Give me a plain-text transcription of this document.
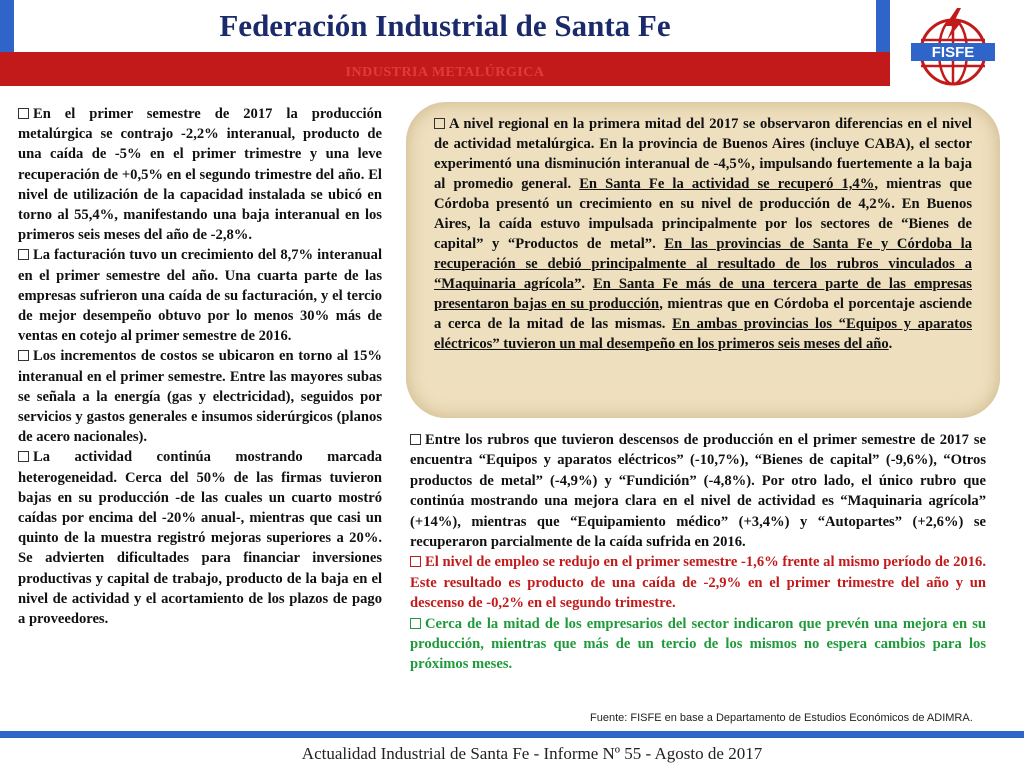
Federación Industrial de Santa Fe
INDUSTRIA METALÚRGICA
FISFE

En el primer semestre de 2017 la producción metalúrgica se contrajo -2,2% interanual, producto de una caída de -5% en el primer trimestre y una leve recuperación de +0,5% en el segundo trimestre del año. El nivel de utilización de la capacidad instalada se ubicó en torno al 55,4%, manifestando una baja interanual en los primeros seis meses del año de -2,8%.

La facturación tuvo un crecimiento del 8,7% interanual en el primer semestre del año. Una cuarta parte de las empresas sufrieron una caída de su facturación, y el tercio de mejor desempeño obtuvo por lo menos 30% más de ventas en cotejo al primer semestre de 2016.

Los incrementos de costos se ubicaron en torno al 15% interanual en el primer semestre. Entre las mayores subas se señala a la energía (gas y electricidad), seguidos por servicios y gastos generales e insumos siderúrgicos (planos de acero nacionales).

La actividad continúa mostrando marcada heterogeneidad. Cerca del 50% de las firmas tuvieron bajas en su producción -de las cuales un cuarto mostró caídas por encima del -20% anual-, mientras que casi un quinto de la muestra registró mejoras superiores a 20%. Se advierten dificultades para financiar inversiones productivas y capital de trabajo, producto de la baja en el nivel de actividad y el acortamiento de los plazos de pago a proveedores.

A nivel regional en la primera mitad del 2017 se observaron diferencias en el nivel de actividad metalúrgica. En la provincia de Buenos Aires (incluye CABA), el sector experimentó una disminución interanual de -4,5%, impulsando fuertemente a la baja al promedio general. En Santa Fe la actividad se recuperó 1,4%, mientras que Córdoba presentó un crecimiento en su nivel de producción de 4,2%. En Buenos Aires, la caída estuvo impulsada principalmente por los sectores de “Bienes de capital” y “Productos de metal”. En las provincias de Santa Fe y Córdoba la recuperación se debió principalmente al resultado de los rubros vinculados a “Maquinaria agrícola”. En Santa Fe más de una tercera parte de las empresas presentaron bajas en su producción, mientras que en Córdoba el porcentaje asciende a cerca de la mitad de las mismas. En ambas provincias los “Equipos y aparatos eléctricos” tuvieron un mal desempeño en los primeros seis meses del año.

Entre los rubros que tuvieron descensos de producción en el primer semestre de 2017 se encuentra “Equipos y aparatos eléctricos” (-10,7%), “Bienes de capital” (-9,6%), “Otros productos de metal” (-4,9%) y “Fundición” (-4,8%). Por otro lado, el único rubro que continúa mostrando una mejora clara en el nivel de actividad es “Maquinaria agrícola” (+14%), mientras que “Equipamiento médico” (+3,4%) y “Autopartes” (+2,6%) se recuperaron parcialmente de la caída sufrida en 2016.

El nivel de empleo se redujo en el primer semestre -1,6% frente al mismo período de 2016. Este resultado es producto de una caída de -2,9% en el primer trimestre del año y un descenso de -0,2% en el segundo trimestre.

Cerca de la mitad de los empresarios del sector indicaron que prevén una mejora en su producción, mientras que más de un tercio de los mismos no espera cambios para los próximos meses.

Fuente: FISFE en base a Departamento de Estudios Económicos de ADIMRA.
Actualidad Industrial de Santa Fe - Informe Nº 55 - Agosto de 2017
